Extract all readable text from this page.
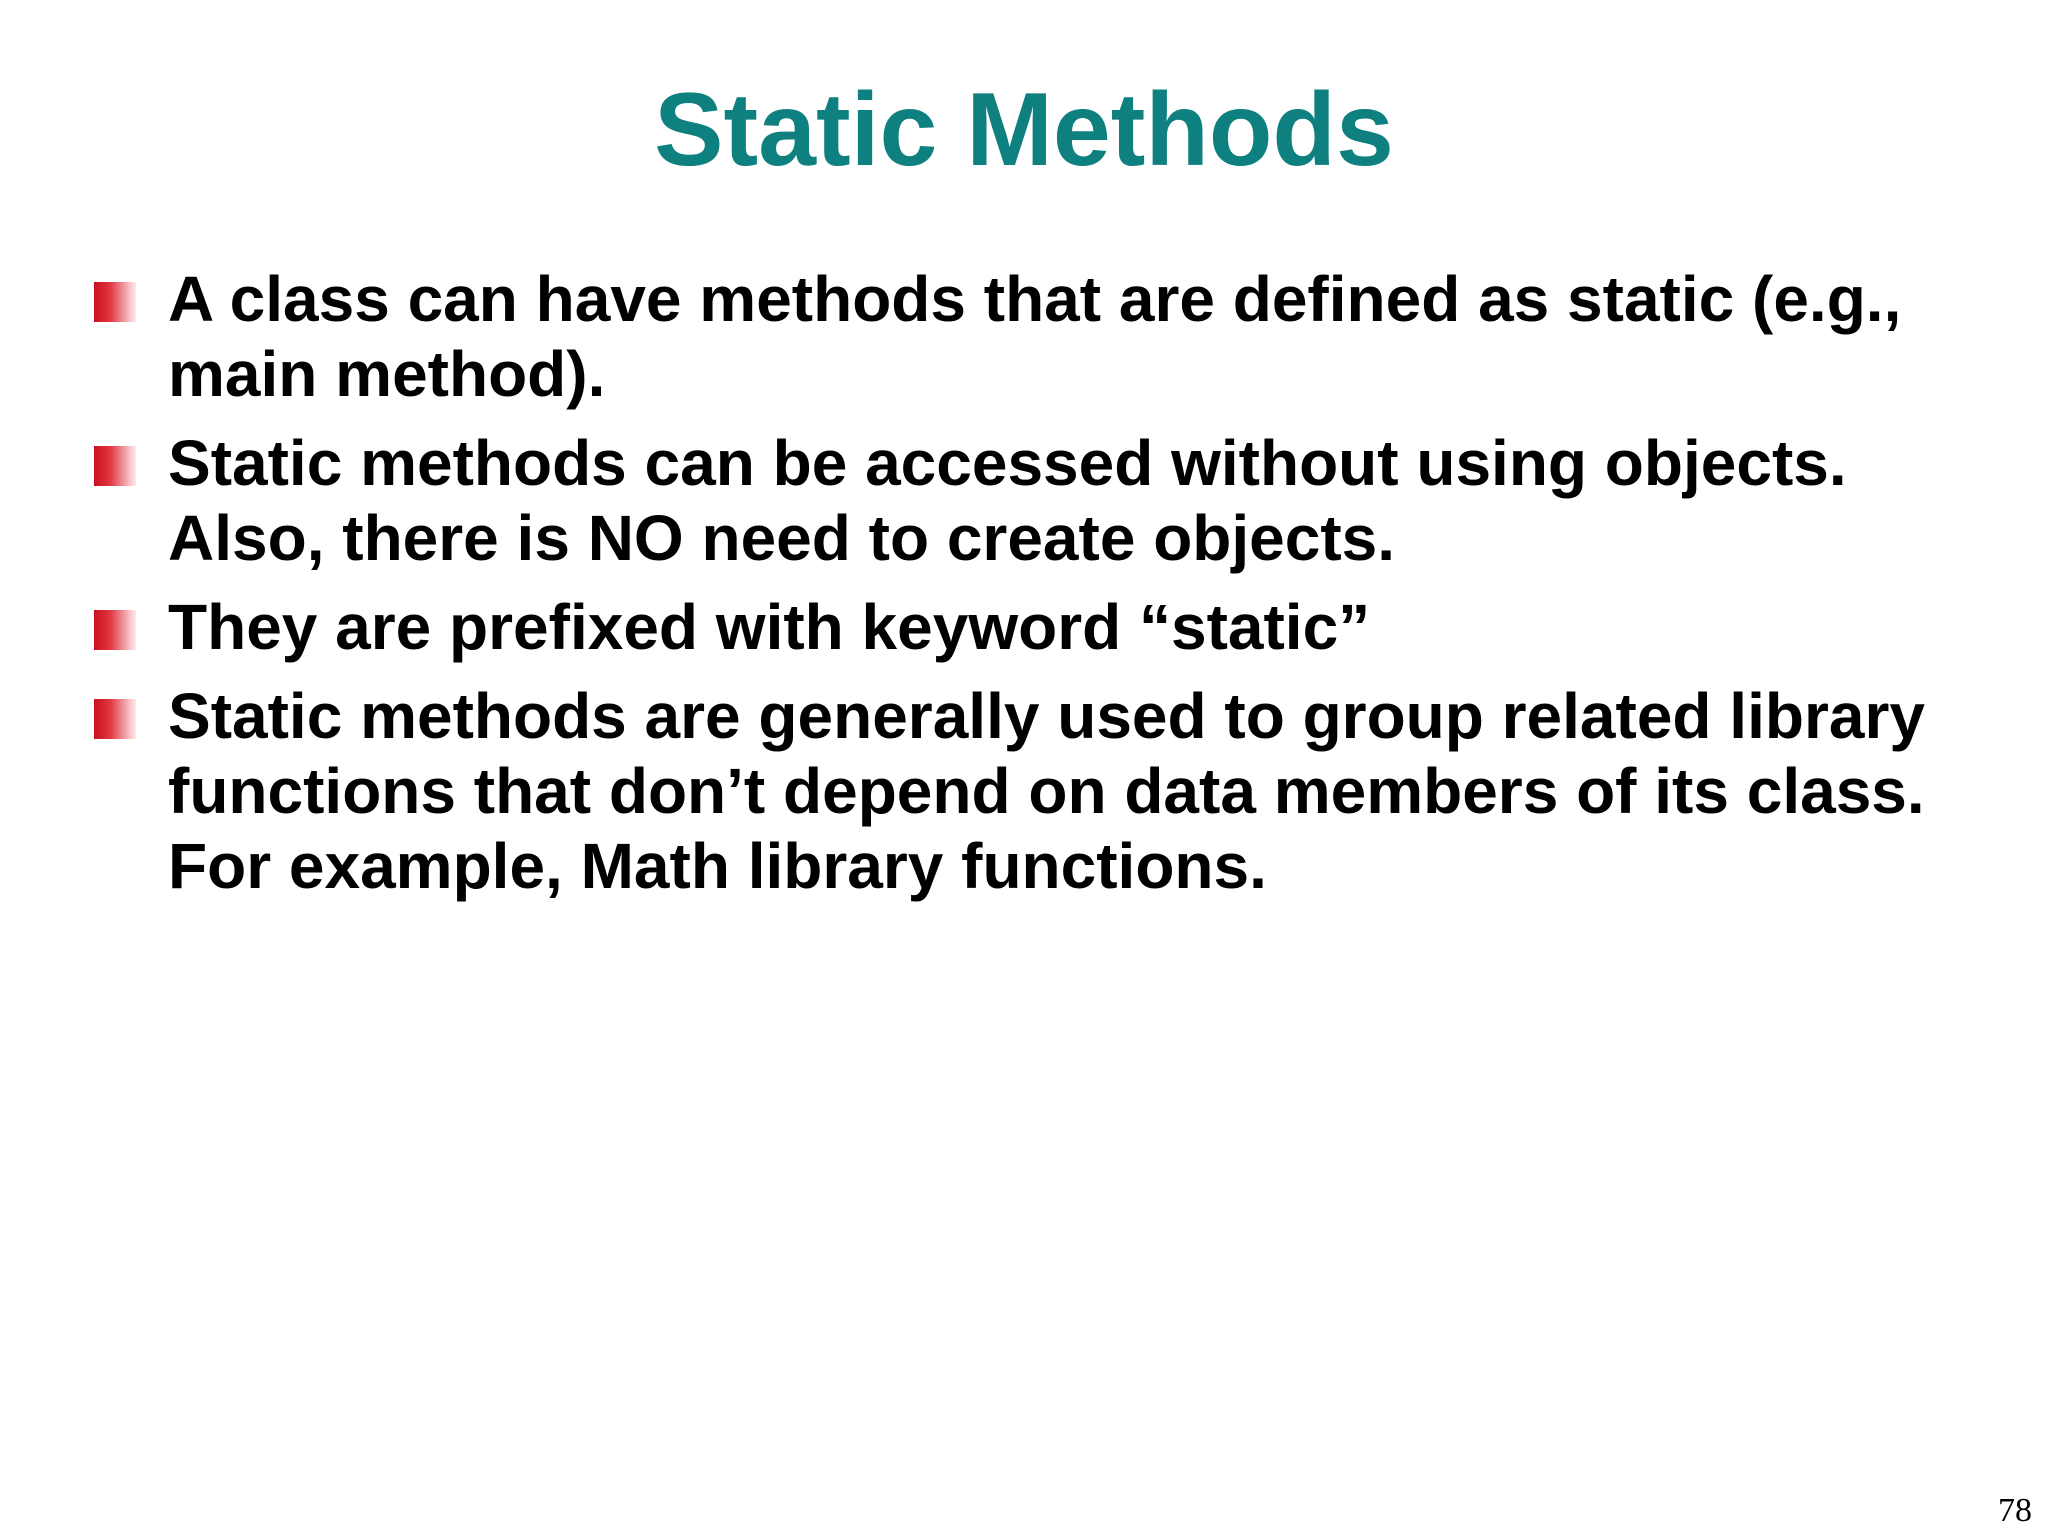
Static Methods
A class can have methods that are defined as static (e.g., main method).
Static methods can be accessed without using objects. Also, there is NO need to create objects.
They are prefixed with keyword “static”
Static methods are generally used to group related library functions that don’t depend on data members of its class. For example, Math library functions.
78
